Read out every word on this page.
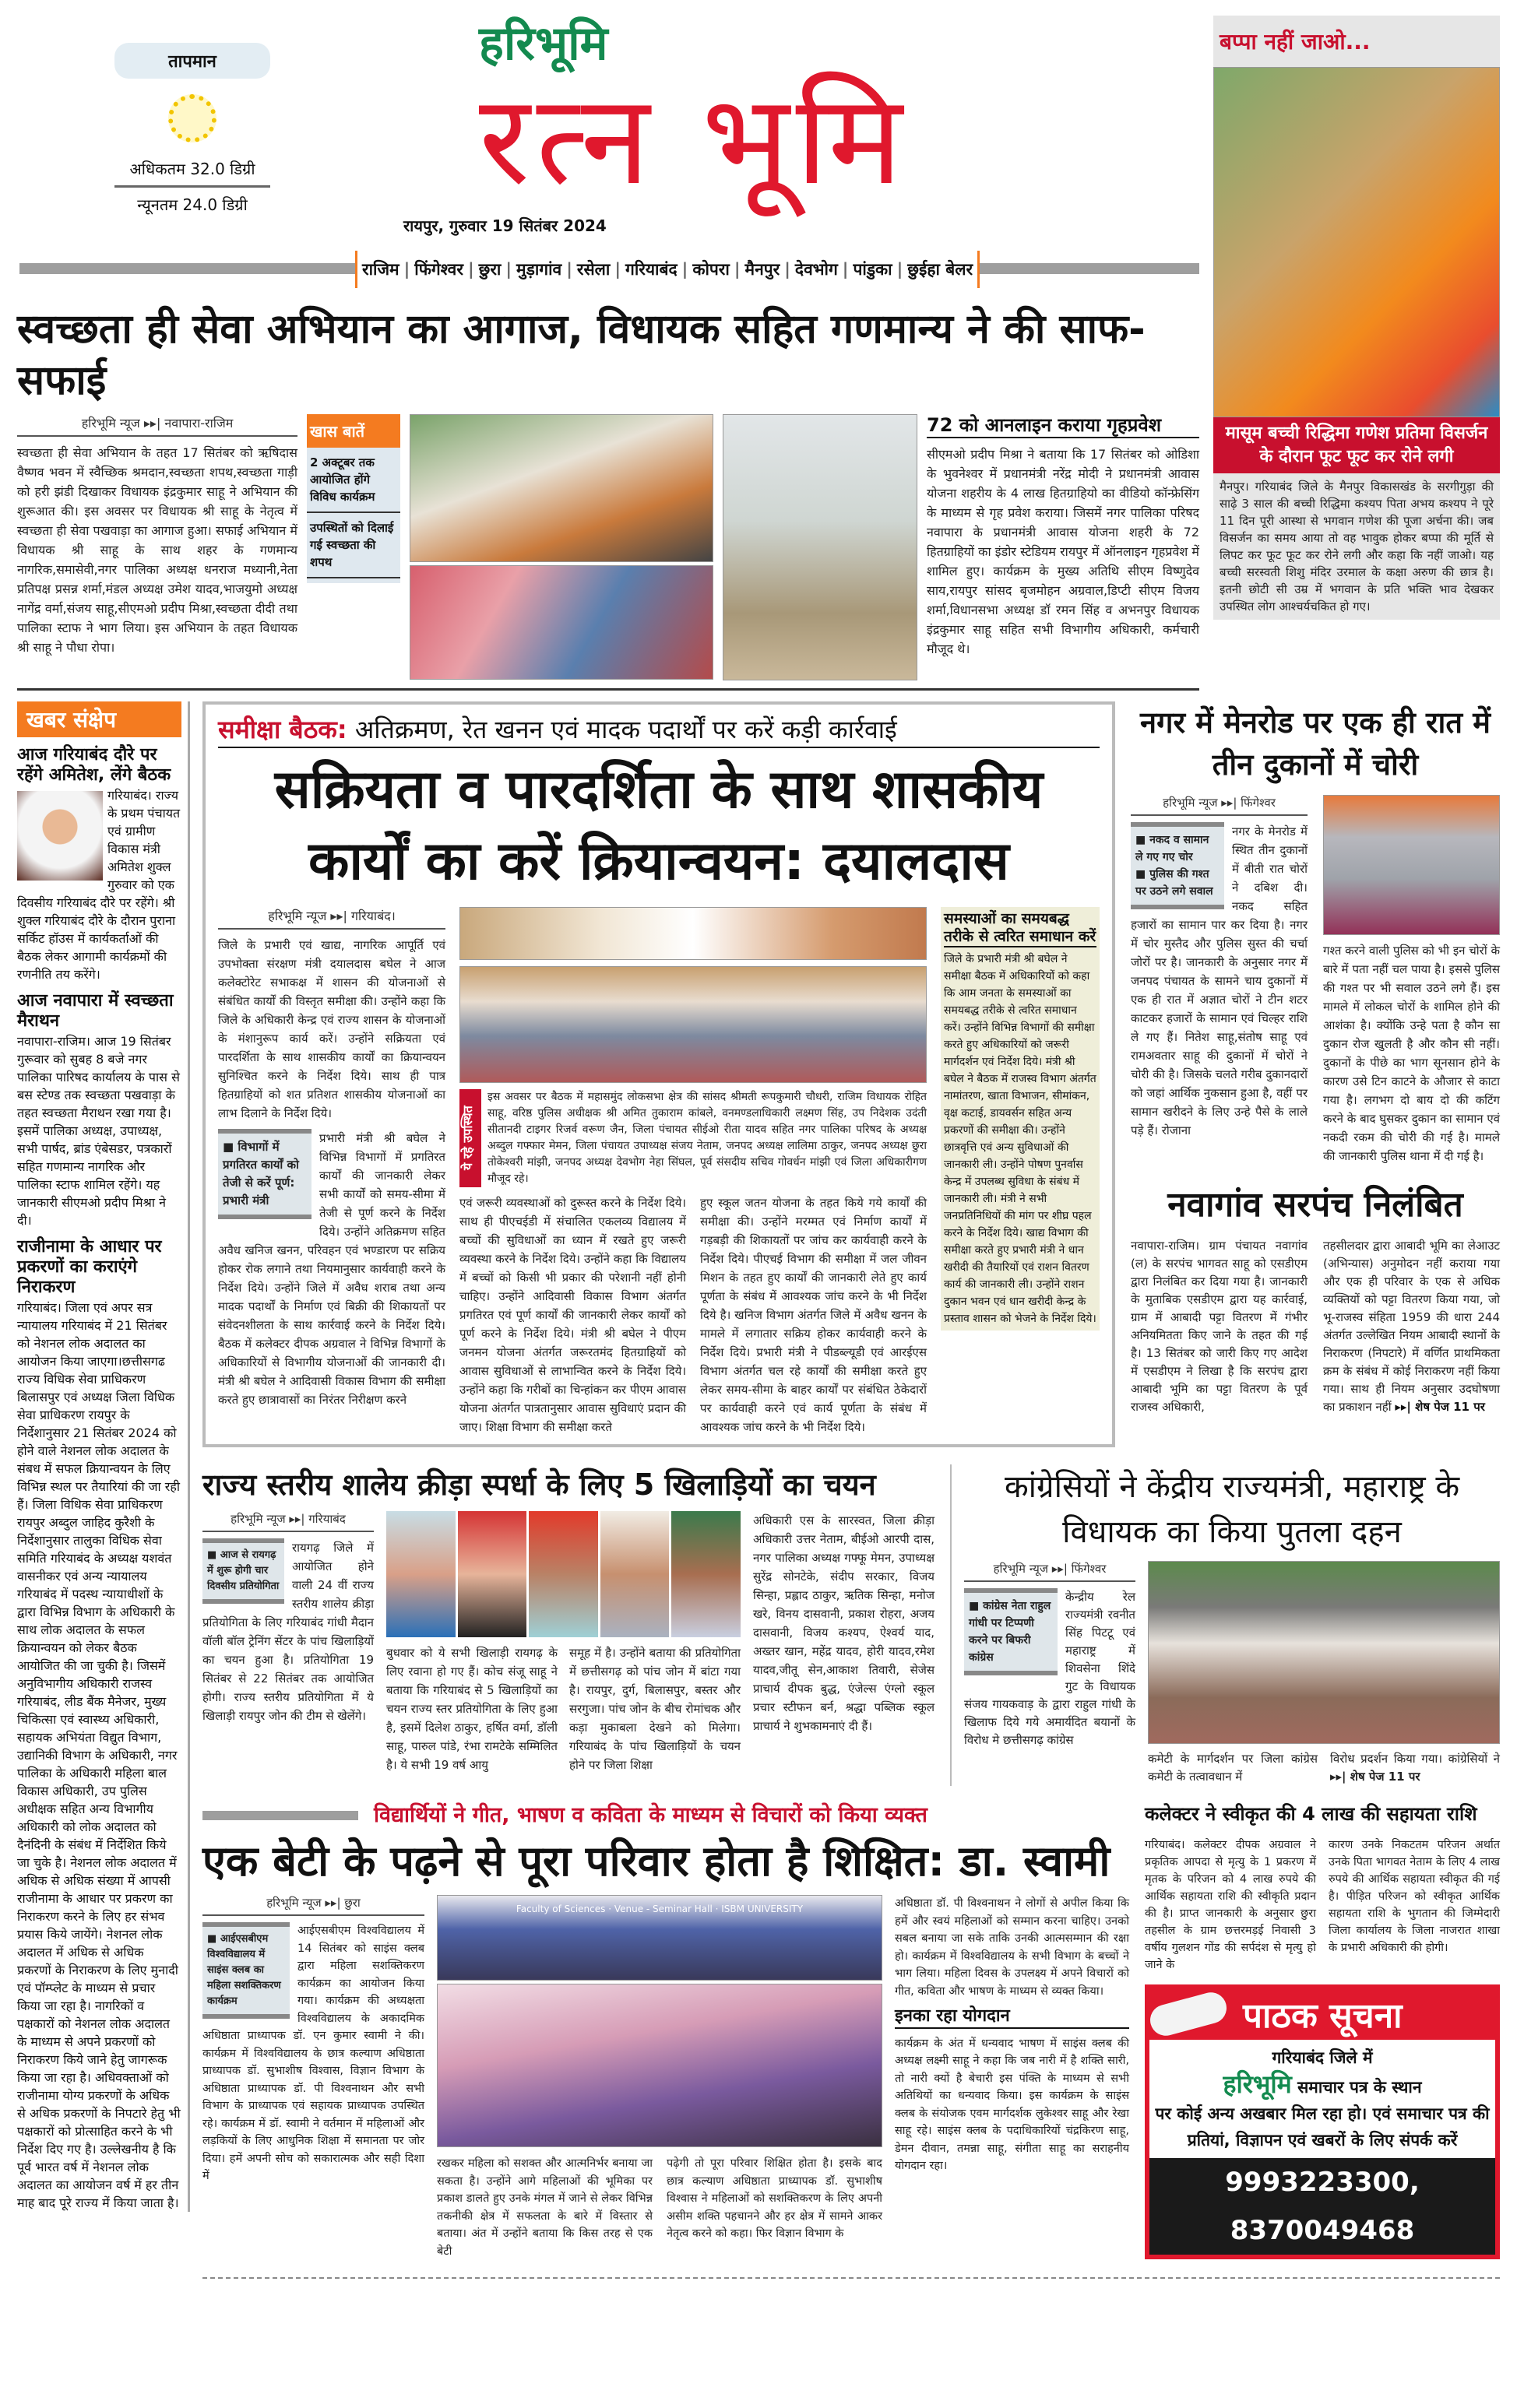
तापमान
अधिकतम 32.0 डिग्री
न्यूनतम 24.0 डिग्री
हरिभूमि
रत्न भूमि
रायपुर, गुरुवार 19 सितंबर 2024
राजिम | फिंगेश्वर | छुरा | मुड़ागांव | रसेला | गरियाबंद | कोपरा | मैनपुर | देवभोग | पांडुका | छुईहा बेलर
स्वच्छता ही सेवा अभियान का आगाज, विधायक सहित गणमान्य ने की साफ- सफाई
हरिभूमि न्यूज ▸▸| नवापारा-राजिम
स्वच्छता ही सेवा अभियान के तहत 17 सितंबर को ऋषिदास वैष्णव भवन में स्वैच्छिक श्रमदान,स्वच्छता शपथ,स्वच्छता गाड़ी को हरी झंडी दिखाकर विधायक इंद्रकुमार साहू ने अभियान की शुरूआत की। इस अवसर पर विधायक श्री साहू के नेतृत्व में स्वच्छता ही सेवा पखवाड़ा का आगाज हुआ। सफाई अभियान में विधायक श्री साहू के साथ शहर के गणमान्य नागरिक,समासेवी,नगर पालिका अध्यक्ष धनराज मध्यानी,नेता प्रतिपक्ष प्रसन्न शर्मा,मंडल अध्यक्ष उमेश यादव,भाजयुमो अध्यक्ष नागेंद्र वर्मा,संजय साहू,सीएमओ प्रदीप मिश्रा,स्वच्छता दीदी तथा पालिका स्टाफ ने भाग लिया। इस अभियान के तहत विधायक श्री साहू ने पौधा रोपा।
खास बातें
2 अक्टूबर तक आयोजित होंगे विविध कार्यक्रम
उपस्थितों को दिलाई गई स्वच्छता की शपथ
72 को आनलाइन कराया गृहप्रवेश
सीएमओ प्रदीप मिश्रा ने बताया कि 17 सितंबर को ओडिशा के भुवनेश्वर में प्रधानमंत्री नरेंद्र मोदी ने प्रधानमंत्री आवास योजना शहरीय के 4 लाख हितग्राहियो का वीडियो कॉन्फ्रेसिंग के माध्यम से गृह प्रवेश कराया। जिसमें नगर पालिका परिषद नवापारा के प्रधानमंत्री आवास योजना शहरी के 72 हितग्राहियों का इंडोर स्टेडियम रायपुर में ऑनलाइन गृहप्रवेश में शामिल हुए। कार्यक्रम के मुख्य अतिथि सीएम विष्णुदेव साय,रायपुर सांसद बृजमोहन अग्रवाल,डिप्टी सीएम विजय शर्मा,विधानसभा अध्यक्ष डॉ रमन सिंह व अभनपुर विधायक इंद्रकुमार साहू सहित सभी विभागीय अधिकारी, कर्मचारी मौजूद थे।
बप्पा नहीं जाओ...
मासूम बच्ची रिद्धिमा गणेश प्रतिमा विसर्जन के दौरान फूट फूट कर रोने लगी
मैनपुर। गरियाबंद जिले के मैनपुर विकासखंड के सरगीगुड़ा की साढ़े 3 साल की बच्ची रिद्धिमा कश्यप पिता अभय कश्यप ने पूरे 11 दिन पूरी आस्था से भगवान गणेश की पूजा अर्चना की। जब विसर्जन का समय आया तो वह भावुक होकर बप्पा की मूर्ति से लिपट कर फूट फूट कर रोने लगी और कहा कि नहीं जाओ। यह बच्ची सरस्वती शिशु मंदिर उरमाल के कक्षा अरुण की छात्र है। इतनी छोटी सी उम्र में भगवान के प्रति भक्ति भाव देखकर उपस्थित लोग आश्चर्यचकित हो गए।
खबर संक्षेप
आज गरियाबंद दौरे पर रहेंगे अमितेश, लेंगे बैठक
गरियाबंद। राज्य के प्रथम पंचायत एवं ग्रामीण विकास मंत्री अमितेश शुक्ल गुरुवार को एक दिवसीय गरियाबंद दौरे पर रहेंगे। श्री शुक्ल गरियाबंद दौरे के दौरान पुराना सर्किट हॉउस में कार्यकर्ताओं की बैठक लेकर आगामी कार्यक्रमों की रणनीति तय करेंगे।
आज नवापारा में स्वच्छता मैराथन
नवापारा-राजिम। आज 19 सितंबर गुरूवार को सुबह 8 बजे नगर पालिका पारिषद कार्यालय के पास से बस स्टेण्ड तक स्वच्छता पखवाड़ा के तहत स्वच्छता मैराथन रखा गया है। इसमें पालिका अध्यक्ष, उपाध्यक्ष, सभी पार्षद, ब्रांड एंबेसडर, पत्रकारों सहित गणमान्य नागरिक और पालिका स्टाफ शामिल रहेंगे। यह जानकारी सीएमओ प्रदीप मिश्रा ने दी।
राजीनामा के आधार पर प्रकरणों का कराएंगे निराकरण
गरियाबंद। जिला एवं अपर सत्र न्यायालय गरियाबंद में 21 सितंबर को नेशनल लोक अदालत का आयोजन किया जाएगा।छत्तीसगढ राज्य विधिक सेवा प्राधिकरण बिलासपुर एवं अध्यक्ष जिला विधिक सेवा प्राधिकरण रायपुर के निर्देशानुसार 21 सितंबर 2024 को होने वाले नेशनल लोक अदालत के संबध में सफल क्रियान्वयन के लिए विभिन्न स्थल पर तैयारियां की जा रही हैं। जिला विधिक सेवा प्राधिकरण रायपुर अब्दुल जाहिद कुरैशी के निर्देशानुसार तालुका विधिक सेवा समिति गरियाबंद के अध्यक्ष यशवंत वासनीकर एवं अन्य न्यायालय गरियाबंद में पदस्थ न्यायाधीशों के द्वारा विभिन्न विभाग के अधिकारी के साथ लोक अदालत के सफल क्रियान्वयन को लेकर बैठक आयोजित की जा चुकी है। जिसमें अनुविभागीय अधिकारी राजस्व गरियाबंद, लीड बैंक मैनेजर, मुख्य चिकित्सा एवं स्वास्थ्य अधिकारी, सहायक अभियंता विद्युत विभाग, उद्यानिकी विभाग के अधिकारी, नगर पालिका के अधिकारी महिला बाल विकास अधिकारी, उप पुलिस अधीक्षक सहित अन्य विभागीय अधिकारी को लोक अदालत को दैनंदिनी के संबंध में निर्देशित किये जा चुके है। नेशनल लोक अदालत में अधिक से अधिक संख्या में आपसी राजीनामा के आधार पर प्रकरण का निराकरण करने के लिए हर संभव प्रयास किये जायेंगे। नेशनल लोक अदालत में अधिक से अधिक प्रकरणों के निराकरण के लिए मुनादी एवं पॉम्प्लेट के माध्यम से प्रचार किया जा रहा है। नागरिकों व पक्षकारों को नेशनल लोक अदालत के माध्यम से अपने प्रकरणों को निराकरण किये जाने हेतु जागरूक किया जा रहा है। अधिवक्ताओं को राजीनामा योग्य प्रकरणों के अधिक से अधिक प्रकरणों के निपटारे हेतु भी पक्षकारों को प्रोत्साहित करने के भी निर्देश दिए गए है। उल्लेखनीय है कि पूर्व भारत वर्ष में नेशनल लोक अदालत का आयोजन वर्ष में हर तीन माह बाद पूरे राज्य में किया जाता है।
समीक्षा बैठक: अतिक्रमण, रेत खनन एवं मादक पदार्थों पर करें कड़ी कार्रवाई
सक्रियता व पारदर्शिता के साथ शासकीय कार्यों का करें क्रियान्वयन: दयालदास
हरिभूमि न्यूज ▸▸| गरियाबंद।
जिले के प्रभारी एवं खाद्य, नागरिक आपूर्ति एवं उपभोक्ता संरक्षण मंत्री दयालदास बघेल ने आज कलेक्टोरेट सभाकक्ष में शासन की योजनाओं से संबंधित कार्यों की विस्तृत समीक्षा की। उन्होंने कहा कि जिले के अधिकारी केन्द्र एवं राज्य शासन के योजनाओं के मंशानुरूप कार्य करें। उन्होंने सक्रियता एवं पारदर्शिता के साथ शासकीय कार्यों का क्रियान्वयन सुनिश्चित करने के निर्देश दिये। साथ ही पात्र हितग्राहियों को शत प्रतिशत शासकीय योजनाओं का लाभ दिलाने के निर्देश दिये।

■ विभागों में प्रगतिरत कार्यों को तेजी से करें पूर्ण: प्रभारी मंत्री

प्रभारी मंत्री श्री बघेल ने विभिन्न विभागों में प्रगतिरत कार्यों की जानकारी लेकर सभी कार्यों को समय-सीमा में तेजी से पूर्ण करने के निर्देश दिये। उन्होंने अतिक्रमण सहित अवैध खनिज खनन, परिवहन एवं भण्डारण पर सक्रिय होकर रोक लगाने तथा नियमानुसार कार्यवाही करने के निर्देश दिये। उन्होंने जिले में अवैध शराब तथा अन्य मादक पदार्थों के निर्माण एवं बिक्री की शिकायतों पर संवेदनशीलता के साथ कार्रवाई करने के निर्देश दिये। बैठक में कलेक्टर दीपक अग्रवाल ने विभिन्न विभागों के अधिकारियों से विभागीय योजनाओं की जानकारी दी। मंत्री श्री बघेल ने आदिवासी विकास विभाग की समीक्षा करते हुए छात्रावासों का निरंतर निरीक्षण करने
ये रहे उपस्थित
इस अवसर पर बैठक में महासमुंद लोकसभा क्षेत्र की सांसद श्रीमती रूपकुमारी चौधरी, राजिम विधायक रोहित साहू, वरिष्ठ पुलिस अधीक्षक श्री अमित तुकाराम कांबले, वनमण्डलाधिकारी लक्ष्मण सिंह, उप निदेशक उदंती सीतानदी टाइगर रिजर्व वरूण जैन, जिला पंचायत सीईओ रीता यादव सहित नगर पालिका परिषद के अध्यक्ष अब्दुल गफ्फार मेमन, जिला पंचायत उपाध्यक्ष संजय नेताम, जनपद अध्यक्ष लालिमा ठाकुर, जनपद अध्यक्ष छुरा तोकेश्वरी मांझी, जनपद अध्यक्ष देवभोग नेहा सिंघल, पूर्व संसदीय सचिव गोवर्धन मांझी एवं जिला अधिकारीगण मौजूद रहे।
एवं जरूरी व्यवस्थाओं को दुरूस्त करने के निर्देश दिये। साथ ही पीएचईडी में संचालित एकलव्य विद्यालय में बच्चों की सुविधाओं का ध्यान में रखते हुए जरूरी व्यवस्था करने के निर्देश दिये। उन्होंने कहा कि विद्यालय में बच्चों को किसी भी प्रकार की परेशानी नहीं होनी चाहिए। उन्होंने आदिवासी विकास विभाग अंतर्गत प्रगतिरत एवं पूर्ण कार्यों की जानकारी लेकर कार्यों को पूर्ण करने के निर्देश दिये। मंत्री श्री बघेल ने पीएम जनमन योजना अंतर्गत जरूरतमंद हितग्राहियों को आवास सुविधाओं से लाभान्वित करने के निर्देश दिये। उन्होंने कहा कि गरीबों का चिन्हांकन कर पीएम आवास योजना अंतर्गत पात्रतानुसार आवास सुविधाएं प्रदान की जाए। शिक्षा विभाग की समीक्षा करते
हुए स्कूल जतन योजना के तहत किये गये कार्यों की समीक्षा की। उन्होंने मरम्मत एवं निर्माण कार्यों में गड़बड़ी की शिकायतों पर जांच कर कार्यवाही करने के निर्देश दिये। पीएचई विभाग की समीक्षा में जल जीवन मिशन के तहत हुए कार्यों की जानकारी लेते हुए कार्य पूर्णता के संबंध में आवश्यक जांच करने के भी निर्देश दिये है। खनिज विभाग अंतर्गत जिले में अवैध खनन के मामले में लगातार सक्रिय होकर कार्यवाही करने के निर्देश दिये। प्रभारी मंत्री ने पीडब्ल्यूडी एवं आरईएस विभाग अंतर्गत चल रहे कार्यों की समीक्षा करते हुए लेकर समय-सीमा के बाहर कार्यों पर संबंधित ठेकेदारों पर कार्यवाही करने एवं कार्य पूर्णता के संबंध में आवश्यक जांच करने के भी निर्देश दिये।
समस्याओं का समयबद्ध तरीके से त्वरित समाधान करें
जिले के प्रभारी मंत्री श्री बघेल ने समीक्षा बैठक में अधिकारियों को कहा कि आम जनता के समस्याओं का समयबद्ध तरीके से त्वरित समाधान करें। उन्होंने विभिन्न विभागों की समीक्षा करते हुए अधिकारियों को जरूरी मार्गदर्शन एवं निर्देश दिये। मंत्री श्री बघेल ने बैठक में राजस्व विभाग अंतर्गत नामांतरण, खाता विभाजन, सीमांकन, वृक्ष कटाई, डायवर्सन सहित अन्य प्रकरणों की समीक्षा की। उन्होंने छात्रवृत्ति एवं अन्य सुविधाओं की जानकारी ली। उन्होंने पोषण पुनर्वास केन्द्र में उपलब्ध सुविधा के संबंध में जानकारी ली। मंत्री ने सभी जनप्रतिनिधियों की मांग पर शीघ्र पहल करने के निर्देश दिये। खाद्य विभाग की समीक्षा करते हुए प्रभारी मंत्री ने धान खरीदी की तैयारियों एवं राशन वितरण कार्य की जानकारी ली। उन्होंने राशन दुकान भवन एवं धान खरीदी केन्द्र के प्रस्ताव शासन को भेजने के निर्देश दिये।
नगर में मेनरोड पर एक ही रात में तीन दुकानों में चोरी
हरिभूमि न्यूज ▸▸| फिंगेश्वर

■ नकद व सामान ले गए गए चोर

■ पुलिस की गश्त पर उठने लगे सवाल

नगर के मेनरोड में स्थित तीन दुकानों में बीती रात चोरों ने दबिश दी। नकद सहित हजारों का सामान पार कर दिया है। नगर में चोर मुस्तैद और पुलिस सुस्त की चर्चा जोरों पर है। जानकारी के अनुसार नगर में जनपद पंचायत के सामने चाय दुकानों में एक ही रात में अज्ञात चोरों ने टीन शटर काटकर हजारों के सामान एवं चिल्हर राशि ले गए हैं। नितेश साहू,संतोष साहू एवं रामअवतार साहू की दुकानों में चोरों ने चोरी की है। जिसके चलते गरीब दुकानदारों को जहां आर्थिक नुकसान हुआ है, वहीं पर सामान खरीदने के लिए उन्हे पैसे के लाले पड़े हैं। रोजाना
गश्त करने वाली पुलिस को भी इन चोरों के बारे में पता नहीं चल पाया है। इससे पुलिस की गश्त पर भी सवाल उठने लगे हैं। इस मामले में लोकल चोरों के शामिल होने की आशंका है। क्योंकि उन्हे पता है कौन सा दुकान रोज खुलती है और कौन सी नहीं। दुकानों के पीछे का भाग सूनसान होने के कारण उसे टिन काटने के औजार से काटा गया है। लगभग दो बाय दो की कटिंग करने के बाद घुसकर दुकान का सामान एवं नकदी रकम की चोरी की गई है। मामले की जानकारी पुलिस थाना में दी गई है।
नवागांव सरपंच निलंबित
नवापारा-राजिम। ग्राम पंचायत नवागांव (ल) के सरपंच भागवत साहू को एसडीएम द्वारा निलंबित कर दिया गया है। जानकारी के मुताबिक एसडीएम द्वारा यह कार्रवाई, ग्राम में आबादी पट्टा वितरण में गंभीर अनियमितता किए जाने के तहत की गई है। 13 सितंबर को जारी किए गए आदेश में एसडीएम ने लिखा है कि सरपंच द्वारा आबादी भूमि का पट्टा वितरण के पूर्व राजस्व अधिकारी,
तहसीलदार द्वारा आबादी भूमि का लेआउट (अभिन्यास) अनुमोदन नहीं कराया गया और एक ही परिवार के एक से अधिक व्यक्तियों को पट्टा वितरण किया गया, जो भू-राजस्व संहिता 1959 की धारा 244 अंतर्गत उल्लेखित नियम आबादी स्थानों के निराकरण (निपटारे) में वर्णित प्राथमिकता क्रम के संबंध में कोई निराकरण नहीं किया गया। साथ ही नियम अनुसार उदघोषणा का प्रकाशन नहीं ▸▸| शेष पेज 11 पर
राज्य स्तरीय शालेय क्रीड़ा स्पर्धा के लिए 5 खिलाड़ियों का चयन
हरिभूमि न्यूज ▸▸| गरियाबंद

■ आज से रायगढ़ में शुरू होगी चार दिवसीय प्रतियोगिता

रायगढ़ जिले में आयोजित होने वाली 24 वीं राज्य स्तरीय शालेय क्रीड़ा प्रतियोगिता के लिए गरियाबंद गांधी मैदान वॉली बॉल ट्रेनिंग सेंटर के पांच खिलाड़ियों का चयन हुआ है। प्रतियोगिता 19 सितंबर से 22 सितंबर तक आयोजित होगी। राज्य स्तरीय प्रतियोगिता में ये खिलाड़ी रायपुर जोन की टीम से खेलेंगे।
बुधवार को ये सभी खिलाड़ी रायगढ़ के लिए रवाना हो गए हैं। कोच संजू साहू ने बताया कि गरियाबंद से 5 खिलाड़ियों का चयन राज्य स्तर प्रतियोगिता के लिए हुआ है, इसमें दिलेश ठाकुर, हर्षित वर्मा, डॉली साहू, पारुल पांडे, रंभा रामटेके सम्मिलित है। ये सभी 19 वर्ष आयु
समूह में है। उन्होंने बताया की प्रतियोगिता में छत्तीसगढ़ को पांच जोन में बांटा गया है। रायपुर, दुर्ग, बिलासपुर, बस्तर और सरगुजा। पांच जोन के बीच रोमांचक और कड़ा मुकाबला देखने को मिलेगा। गरियाबंद के पांच खिलाड़ियों के चयन होने पर जिला शिक्षा
अधिकारी एस के सारस्वत, जिला क्रीड़ा अधिकारी उत्तर नेताम, बीईओ आरपी दास, नगर पालिका अध्यक्ष गफ्फू मेमन, उपाध्यक्ष सुरेंद्र सोनटेके, संदीप सरकार, विजय सिन्हा, प्रह्लाद ठाकुर, ऋतिक सिन्हा, मनोज खरे, विनय दासवानी, प्रकाश रोहरा, अजय दासवानी, विजय कश्यप, ऐश्वर्य याद, अख्तर खान, महेंद्र यादव, होरी यादव,रमेश यादव,जीतू सेन,आकाश तिवारी, सेजेस प्राचार्य दीपक बुद्ध, एंजेल्स एंग्लो स्कूल प्रचार स्टीफन बर्न, श्रद्धा पब्लिक स्कूल प्राचार्य ने शुभकामनाएं दी हैं।
कांग्रेसियों ने केंद्रीय राज्यमंत्री, महाराष्ट्र के विधायक का किया पुतला दहन
हरिभूमि न्यूज ▸▸| फिंगेश्वर

■ कांग्रेस नेता राहुल गांधी पर टिप्पणी करने पर बिफरी कांग्रेस

केन्द्रीय रेल राज्यमंत्री रवनीत सिंह पिटटू एवं महाराष्ट्र में शिवसेना शिंदे गुट के विधायक संजय गायकवाड़ के द्वारा राहुल गांधी के खिलाफ दिये गये अमार्यदित बयानों के विरोध मे छत्तीसगढ़ कांग्रेस
कमेटी के मार्गदर्शन पर जिला कांग्रेस कमेटी के तत्वावधान में
विरोध प्रदर्शन किया गया। कांग्रेसियों ने ▸▸| शेष पेज 11 पर
विद्यार्थियों ने गीत, भाषण व कविता के माध्यम से विचारों को किया व्यक्त
एक बेटी के पढ़ने से पूरा परिवार होता है शिक्षित: डा. स्वामी
हरिभूमि न्यूज ▸▸| छुरा

■ आईएसबीएम विश्वविद्यालय में साइंस क्लब का महिला सशक्तिकरण कार्यक्रम

आईएसबीएम विश्वविद्यालय में 14 सितंबर को साइंस क्लब द्वारा महिला सशक्तिकरण कार्यक्रम का आयोजन किया गया। कार्यक्रम की अध्यक्षता विश्वविद्यालय के अकादमिक अधिष्ठाता प्राध्यापक डॉ. एन कुमार स्वामी ने की। कार्यक्रम में विश्वविद्यालय के छात्र कल्याण अधिष्ठाता प्राध्यापक डॉ. सुभाशीष विश्वास, विज्ञान विभाग के अधिष्ठाता प्राध्यापक डॉ. पी विश्वनाथन और सभी विभाग के प्राध्यापक एवं सहायक प्राध्यापक उपस्थित रहे। कार्यक्रम में डॉ. स्वामी ने वर्तमान में महिलाओं और लड़कियों के लिए आधुनिक शिक्षा में समानता पर जोर दिया। हमें अपनी सोच को सकारात्मक और सही दिशा में
Faculty of Sciences · Venue - Seminar Hall · ISBM UNIVERSITY
रखकर महिला को सशक्त और आत्मनिर्भर बनाया जा सकता है। उन्होंने आगे महिलाओं की भूमिका पर प्रकाश डालते हुए उनके मंगल में जाने से लेकर विभिन्न तकनीकी क्षेत्र में सफलता के बारे में विस्तार से बताया। अंत में उन्होंने बताया कि किस तरह से एक बेटी
पढ़ेगी तो पूरा परिवार शिक्षित होता है। इसके बाद छात्र कल्याण अधिष्ठाता प्राध्यापक डॉ. सुभाशीष विश्वास ने महिलाओं को सशक्तिकरण के लिए अपनी असीम शक्ति पहचानने और हर क्षेत्र में सामने आकर नेतृत्व करने को कहा। फिर विज्ञान विभाग के
अधिष्ठाता डॉ. पी विश्वनाथन ने लोगों से अपील किया कि हमें और स्वयं महिलाओं को सम्मान करना चाहिए। उनको सबल बनाया जा सके ताकि उनकी आत्मसम्मान की रक्षा हो। कार्यक्रम में विश्वविद्यालय के सभी विभाग के बच्चों ने भाग लिया। महिला दिवस के उपलक्ष्य में अपने विचारों को गीत, कविता और भाषण के माध्यम से व्यक्त किया।
इनका रहा योगदान
कार्यक्रम के अंत में धन्यवाद भाषण में साइंस क्लब की अध्यक्ष लक्ष्मी साहू ने कहा कि जब नारी में है शक्ति सारी, तो नारी क्यों है बेचारी इस पंक्ति के माध्यम से सभी अतिथियों का धन्यवाद किया। इस कार्यक्रम के साइंस क्लब के संयोजक एवम मार्गदर्शक लुकेश्वर साहू और रेखा साहू रहे। साइंस क्लब के पदाधिकारियों चंद्रकिरण साहू, डेमन दीवान, तमन्ना साहू, संगीता साहू का सराहनीय योगदान रहा।
कलेक्टर ने स्वीकृत की 4 लाख की सहायता राशि
गरियाबंद। कलेक्टर दीपक अग्रवाल ने प्रकृतिक आपदा से मृत्यु के 1 प्रकरण में मृतक के परिजन को 4 लाख रुपये की आर्थिक सहायता राशि की स्वीकृति प्रदान की है। प्राप्त जानकारी के अनुसार छुरा तहसील के ग्राम छत्तरमड़ई निवासी 3 वर्षीय गुलशन गोंड की सर्पदंश से मृत्यु हो जाने के
कारण उनके निकटतम परिजन अर्थात उनके पिता भागवत नेताम के लिए 4 लाख रुपये की आर्थिक सहायता स्वीकृत की गई है। पीड़ित परिजन को स्वीकृत आर्थिक सहायता राशि के भुगतान की जिम्मेदारी जिला कार्यालय के जिला नाजरात शाखा के प्रभारी अधिकारी की होगी।
पाठक सूचना
गरियाबंद जिले में
हरिभूमि समाचार पत्र के स्थान
पर कोई अन्य अखबार मिल रहा हो। एवं समाचार पत्र की प्रतियां, विज्ञापन एवं खबरों के लिए संपर्क करें
9993223300, 8370049468
